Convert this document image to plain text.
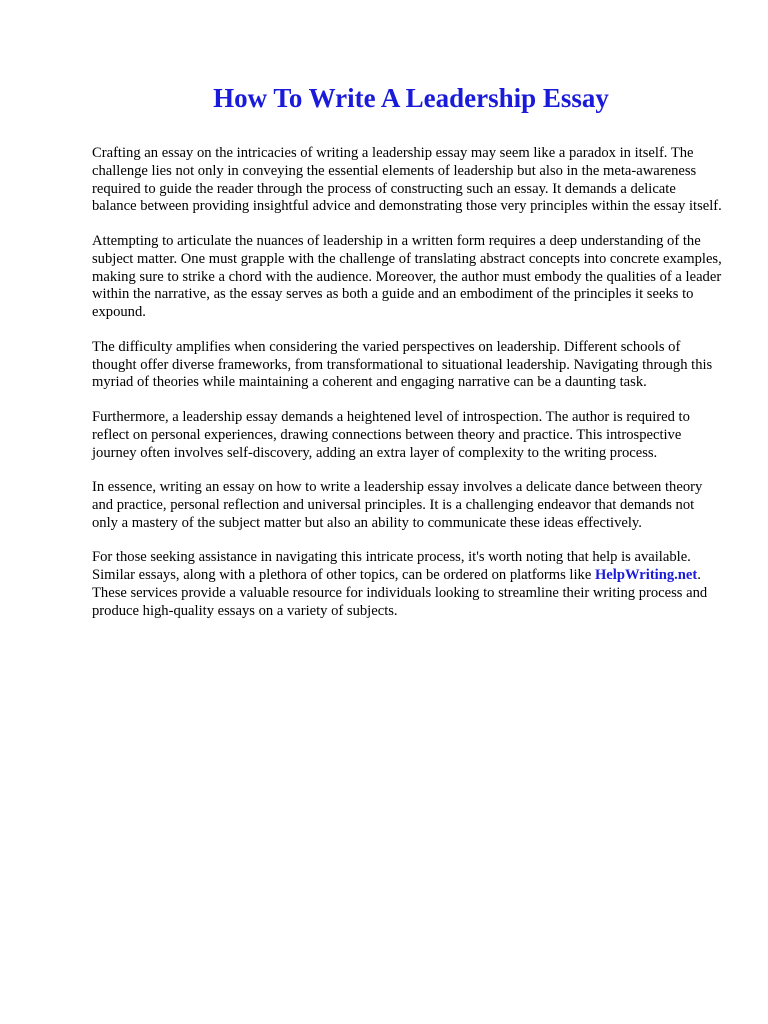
How To Write A Leadership Essay

Crafting an essay on the intricacies of writing a leadership essay may seem like a paradox in itself. The challenge lies not only in conveying the essential elements of leadership but also in the meta-awareness required to guide the reader through the process of constructing such an essay. It demands a delicate balance between providing insightful advice and demonstrating those very principles within the essay itself.

Attempting to articulate the nuances of leadership in a written form requires a deep understanding of the subject matter. One must grapple with the challenge of translating abstract concepts into concrete examples, making sure to strike a chord with the audience. Moreover, the author must embody the qualities of a leader within the narrative, as the essay serves as both a guide and an embodiment of the principles it seeks to expound.

The difficulty amplifies when considering the varied perspectives on leadership. Different schools of thought offer diverse frameworks, from transformational to situational leadership. Navigating through this myriad of theories while maintaining a coherent and engaging narrative can be a daunting task.

Furthermore, a leadership essay demands a heightened level of introspection. The author is required to reflect on personal experiences, drawing connections between theory and practice. This introspective journey often involves self-discovery, adding an extra layer of complexity to the writing process.

In essence, writing an essay on how to write a leadership essay involves a delicate dance between theory and practice, personal reflection and universal principles. It is a challenging endeavor that demands not only a mastery of the subject matter but also an ability to communicate these ideas effectively.

For those seeking assistance in navigating this intricate process, it's worth noting that help is available. Similar essays, along with a plethora of other topics, can be ordered on platforms like HelpWriting.net. These services provide a valuable resource for individuals looking to streamline their writing process and produce high-quality essays on a variety of subjects.
